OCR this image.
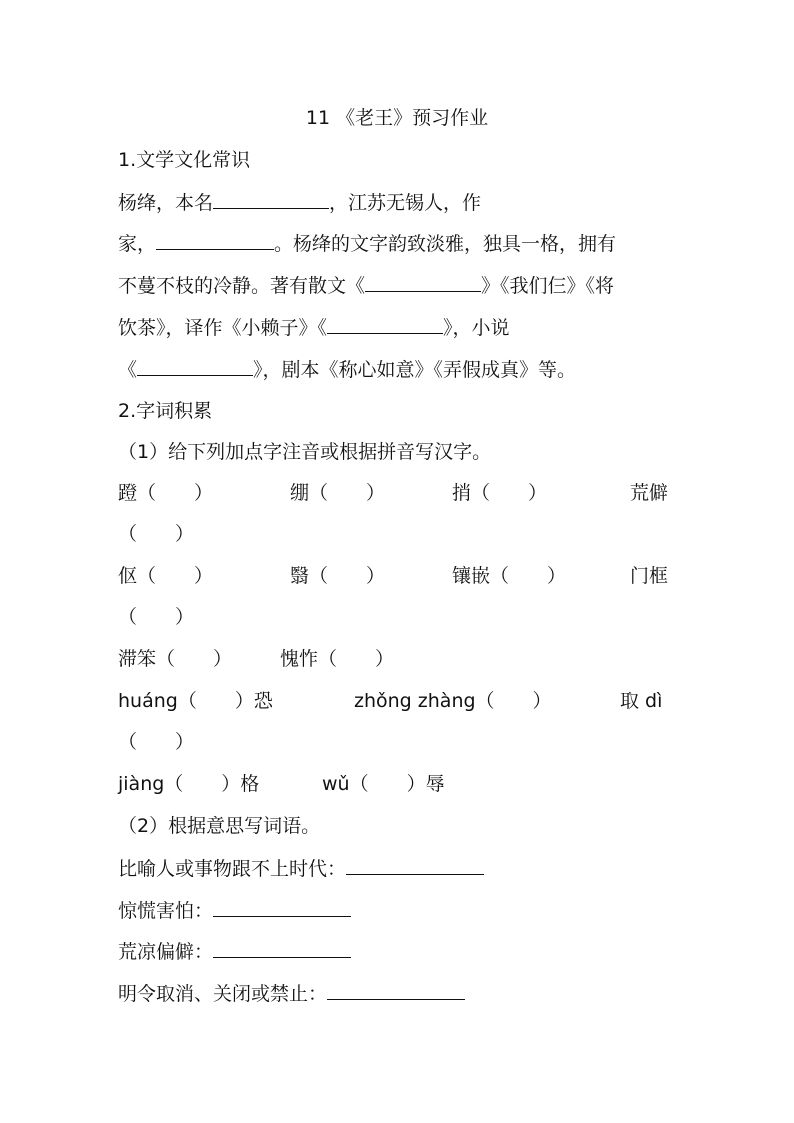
11 《老王》预习作业
1.文学文化常识
杨绛，本名	，江苏无锡人，作
家，	。杨绛的文字韵致淡雅，独具一格，拥有
不蔓不枝的冷静。著有散文《	》《我们仨》《将
饮茶》，译作《小赖子》《	》，小说
《	》，剧本《称心如意》《弄假成真》等。
2.字词积累
（1）给下列加点字注音或根据拼音写汉字。
蹬（　　）	绷（　　）	捎（　　）	荒僻
（　　）
伛（　　）	翳（　　）	镶嵌（　　）	门框
（　　）
滞笨（　　）	愧怍（　　）
huáng（　　）恐	zhǒng zhàng（　　）	取 dì
（　　）
jiàng（　　）格	wǔ（　　）辱
（2）根据意思写词语。
比喻人或事物跟不上时代：
惊慌害怕：
荒凉偏僻：
明令取消、关闭或禁止：
